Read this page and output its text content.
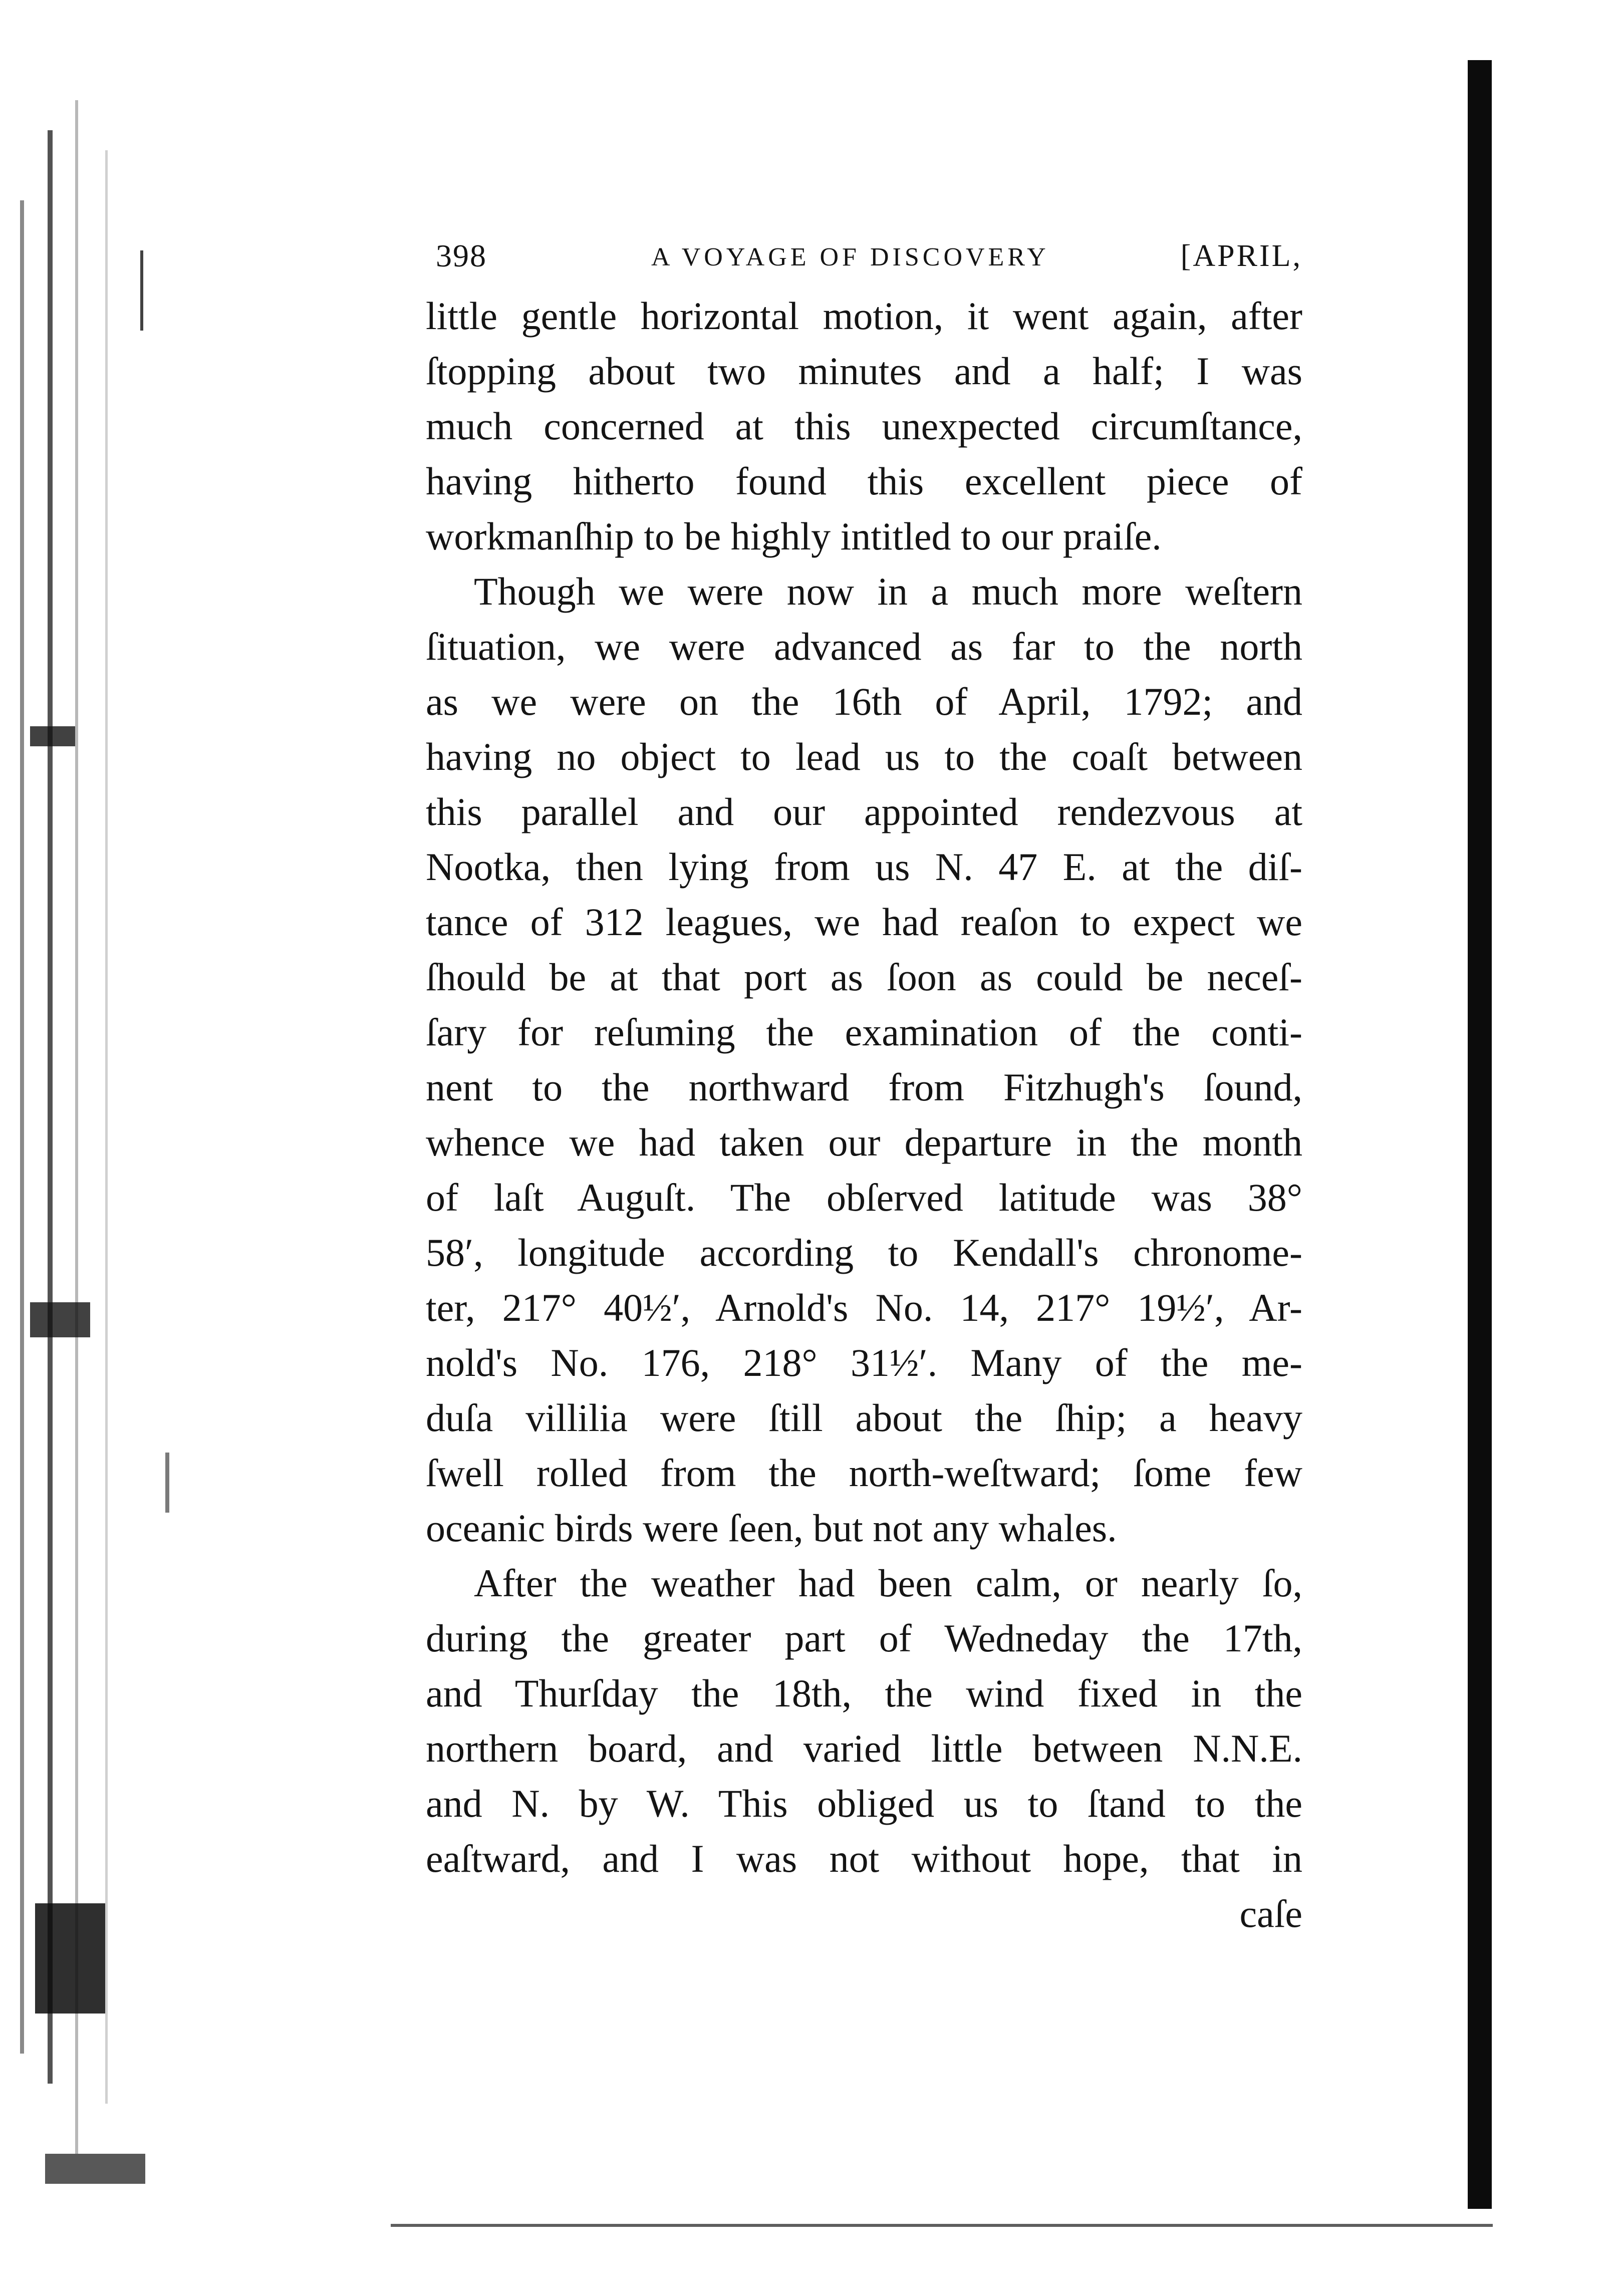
398	A VOYAGE OF DISCOVERY	[APRIL,
little gentle horizontal motion, it went again, after
ſtopping about two minutes and a half; I was
much concerned at this unexpected circumſtance,
having hitherto found this excellent piece of
workmanſhip to be highly intitled to our praiſe.
Though we were now in a much more weſtern
ſituation, we were advanced as far to the north
as we were on the 16th of April, 1792; and
having no object to lead us to the coaſt between
this parallel and our appointed rendezvous at
Nootka, then lying from us N. 47 E. at the diſ-
tance of 312 leagues, we had reaſon to expect we
ſhould be at that port as ſoon as could be neceſ-
ſary for reſuming the examination of the conti-
nent to the northward from Fitzhugh's ſound,
whence we had taken our departure in the month
of laſt Auguſt. The obſerved latitude was 38°
58′, longitude according to Kendall's chronome-
ter, 217° 40½′, Arnold's No. 14, 217° 19½′, Ar-
nold's No. 176, 218° 31½′. Many of the me-
duſa villilia were ſtill about the ſhip; a heavy
ſwell rolled from the north-weſtward; ſome few
oceanic birds were ſeen, but not any whales.
After the weather had been calm, or nearly ſo,
during the greater part of Wedneday the 17th,
and Thurſday the 18th, the wind fixed in the
northern board, and varied little between N.N.E.
and N. by W. This obliged us to ſtand to the
eaſtward, and I was not without hope, that in
caſe
